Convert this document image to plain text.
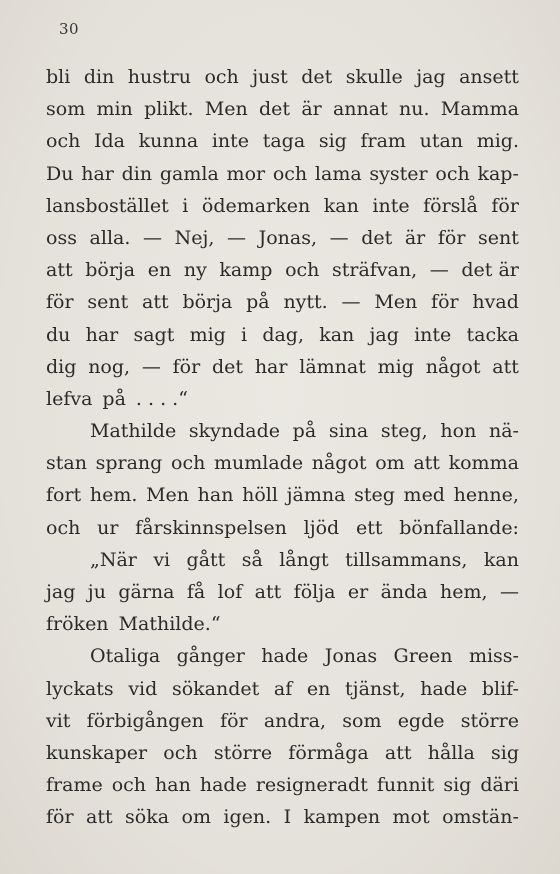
30
bli din hustru och just det skulle jag ansett
som min plikt. Men det är annat nu. Mamma
och Ida kunna inte taga sig fram utan mig.
Du har din gamla mor och lama syster och kap-
lansbostället i ödemarken kan inte förslå för
oss alla. — Nej, — Jonas, — det är för sent
att börja en ny kamp och sträfvan, — det är
för sent att börja på nytt. — Men för hvad
du har sagt mig i dag, kan jag inte tacka
dig nog, — för det har lämnat mig något att
lefva på . . . .“
Mathilde skyndade på sina steg, hon nä-
stan sprang och mumlade något om att komma
fort hem. Men han höll jämna steg med henne,
och ur fårskinnspelsen ljöd ett bönfallande:
„När vi gått så långt tillsammans, kan
jag ju gärna få lof att följa er ända hem, —
fröken Mathilde.“
Otaliga gånger hade Jonas Green miss-
lyckats vid sökandet af en tjänst, hade blif-
vit förbigången för andra, som egde större
kunskaper och större förmåga att hålla sig
frame och han hade resigneradt funnit sig däri
för att söka om igen. I kampen mot omstän-
